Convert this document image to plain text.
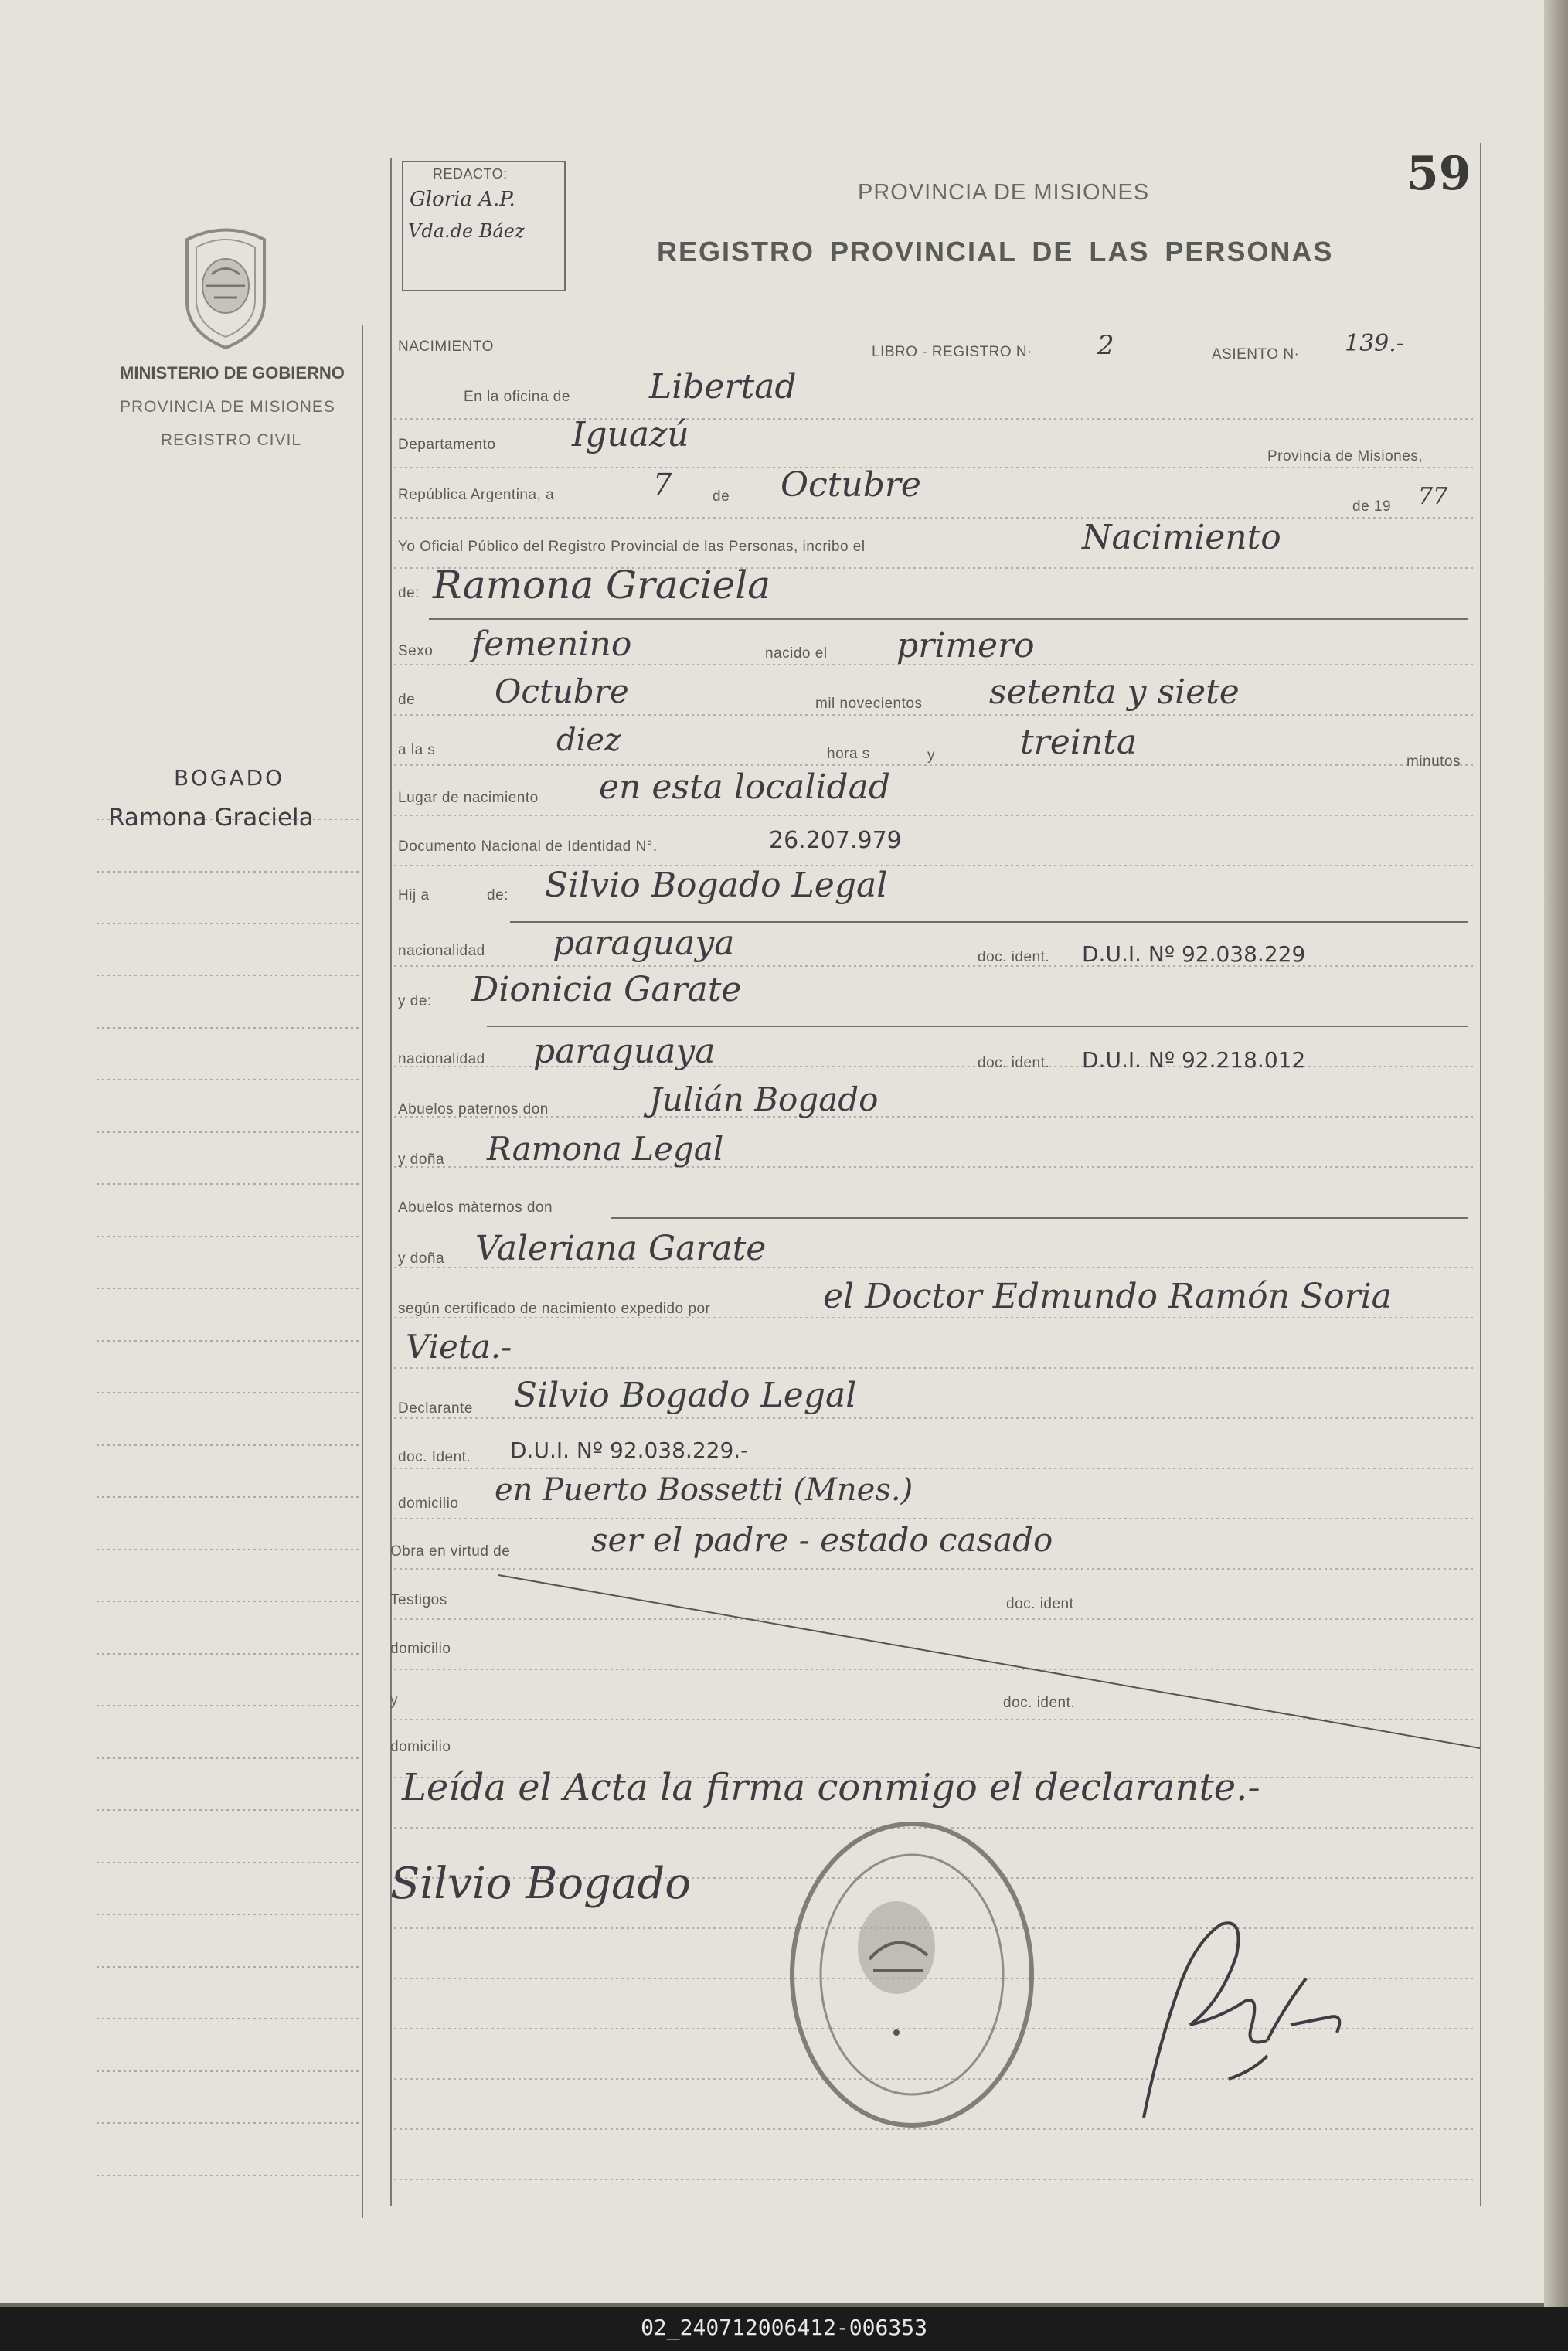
REDACTO:
Gloria A.P.
Vda.de Báez
59
PROVINCIA DE MISIONES
REGISTRO PROVINCIAL DE LAS PERSONAS
MINISTERIO DE GOBIERNO
PROVINCIA DE MISIONES
REGISTRO CIVIL
BOGADO
Ramona Graciela
NACIMIENTO	LIBRO - REGISTRO N· 2	ASIENTO N· 139.-
En la oficina de Libertad
Departamento Iguazú
Provincia de Misiones,
República Argentina, a	7	de Octubre
de 19 77
Yo Oficial Público del Registro Provincial de las Personas, incribo el	Nacimiento
de: Ramona Graciela
Sexo femenino	nacido el primero
de Octubre	mil novecientos setenta y siete
a la s	diez	hora s	y	treinta	minutos
Lugar de nacimiento en esta localidad
Documento Nacional de Identidad N°.	26.207.979
Hij a	de: Silvio Bogado Legal
nacionalidad paraguaya	doc. ident. D.U.I. Nº 92.038.229
y de: Dionicia Garate
nacionalidad paraguaya	doc. ident. D.U.I. Nº 92.218.012
Abuelos paternos don	Julián Bogado
y doña Ramona Legal
Abuelos màternos don
y doña Valeriana Garate
según certificado de nacimiento expedido por	el Doctor Edmundo Ramón Soria
Vieta.-
Declarante Silvio Bogado Legal
doc. Ident. D.U.I. Nº 92.038.229.-
domicilio en Puerto Bossetti (Mnes.)
Obra en virtud de ser el padre - estado casado
Testigos	doc. ident
domicilio
y	doc. ident.
domicilio
Leída el Acta la firma conmigo el declarante.-
Silvio Bogado
02_240712006412-006353
